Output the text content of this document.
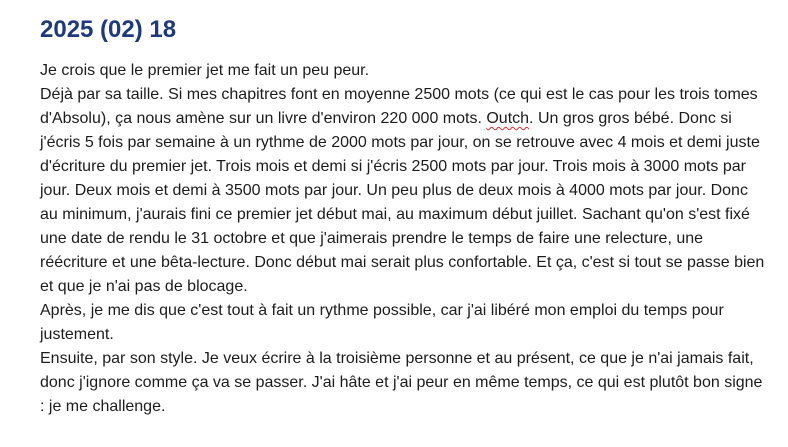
2025 (02) 18

Je crois que le premier jet me fait un peu peur.

Déjà par sa taille. Si mes chapitres font en moyenne 2500 mots (ce qui est le cas pour les trois tomes d'Absolu), ça nous amène sur un livre d'environ 220 000 mots. Outch. Un gros gros bébé. Donc si j'écris 5 fois par semaine à un rythme de 2000 mots par jour, on se retrouve avec 4 mois et demi juste d'écriture du premier jet. Trois mois et demi si j'écris 2500 mots par jour. Trois mois à 3000 mots par jour. Deux mois et demi à 3500 mots par jour. Un peu plus de deux mois à 4000 mots par jour. Donc au minimum, j'aurais fini ce premier jet début mai, au maximum début juillet. Sachant qu'on s'est fixé une date de rendu le 31 octobre et que j'aimerais prendre le temps de faire une relecture, une réécriture et une bêta-lecture. Donc début mai serait plus confortable. Et ça, c'est si tout se passe bien et que je n'ai pas de blocage.

Après, je me dis que c'est tout à fait un rythme possible, car j'ai libéré mon emploi du temps pour justement.

Ensuite, par son style. Je veux écrire à la troisième personne et au présent, ce que je n'ai jamais fait, donc j'ignore comme ça va se passer. J'ai hâte et j'ai peur en même temps, ce qui est plutôt bon signe : je me challenge.
